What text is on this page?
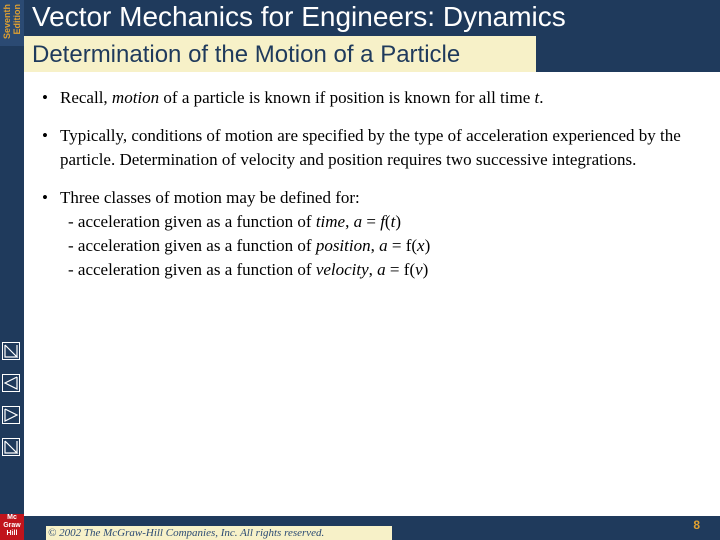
Seventh Edition Vector Mechanics for Engineers: Dynamics
Determination of the Motion of a Particle
• Recall, motion of a particle is known if position is known for all time t.
• Typically, conditions of motion are specified by the type of acceleration experienced by the particle. Determination of velocity and position requires two successive integrations.
• Three classes of motion may be defined for:
- acceleration given as a function of time, a = f(t)
- acceleration given as a function of position, a = f(x)
- acceleration given as a function of velocity, a = f(v)
Mc
Graw
Hill	© 2002 The McGraw-Hill Companies, Inc. All rights reserved.
8
